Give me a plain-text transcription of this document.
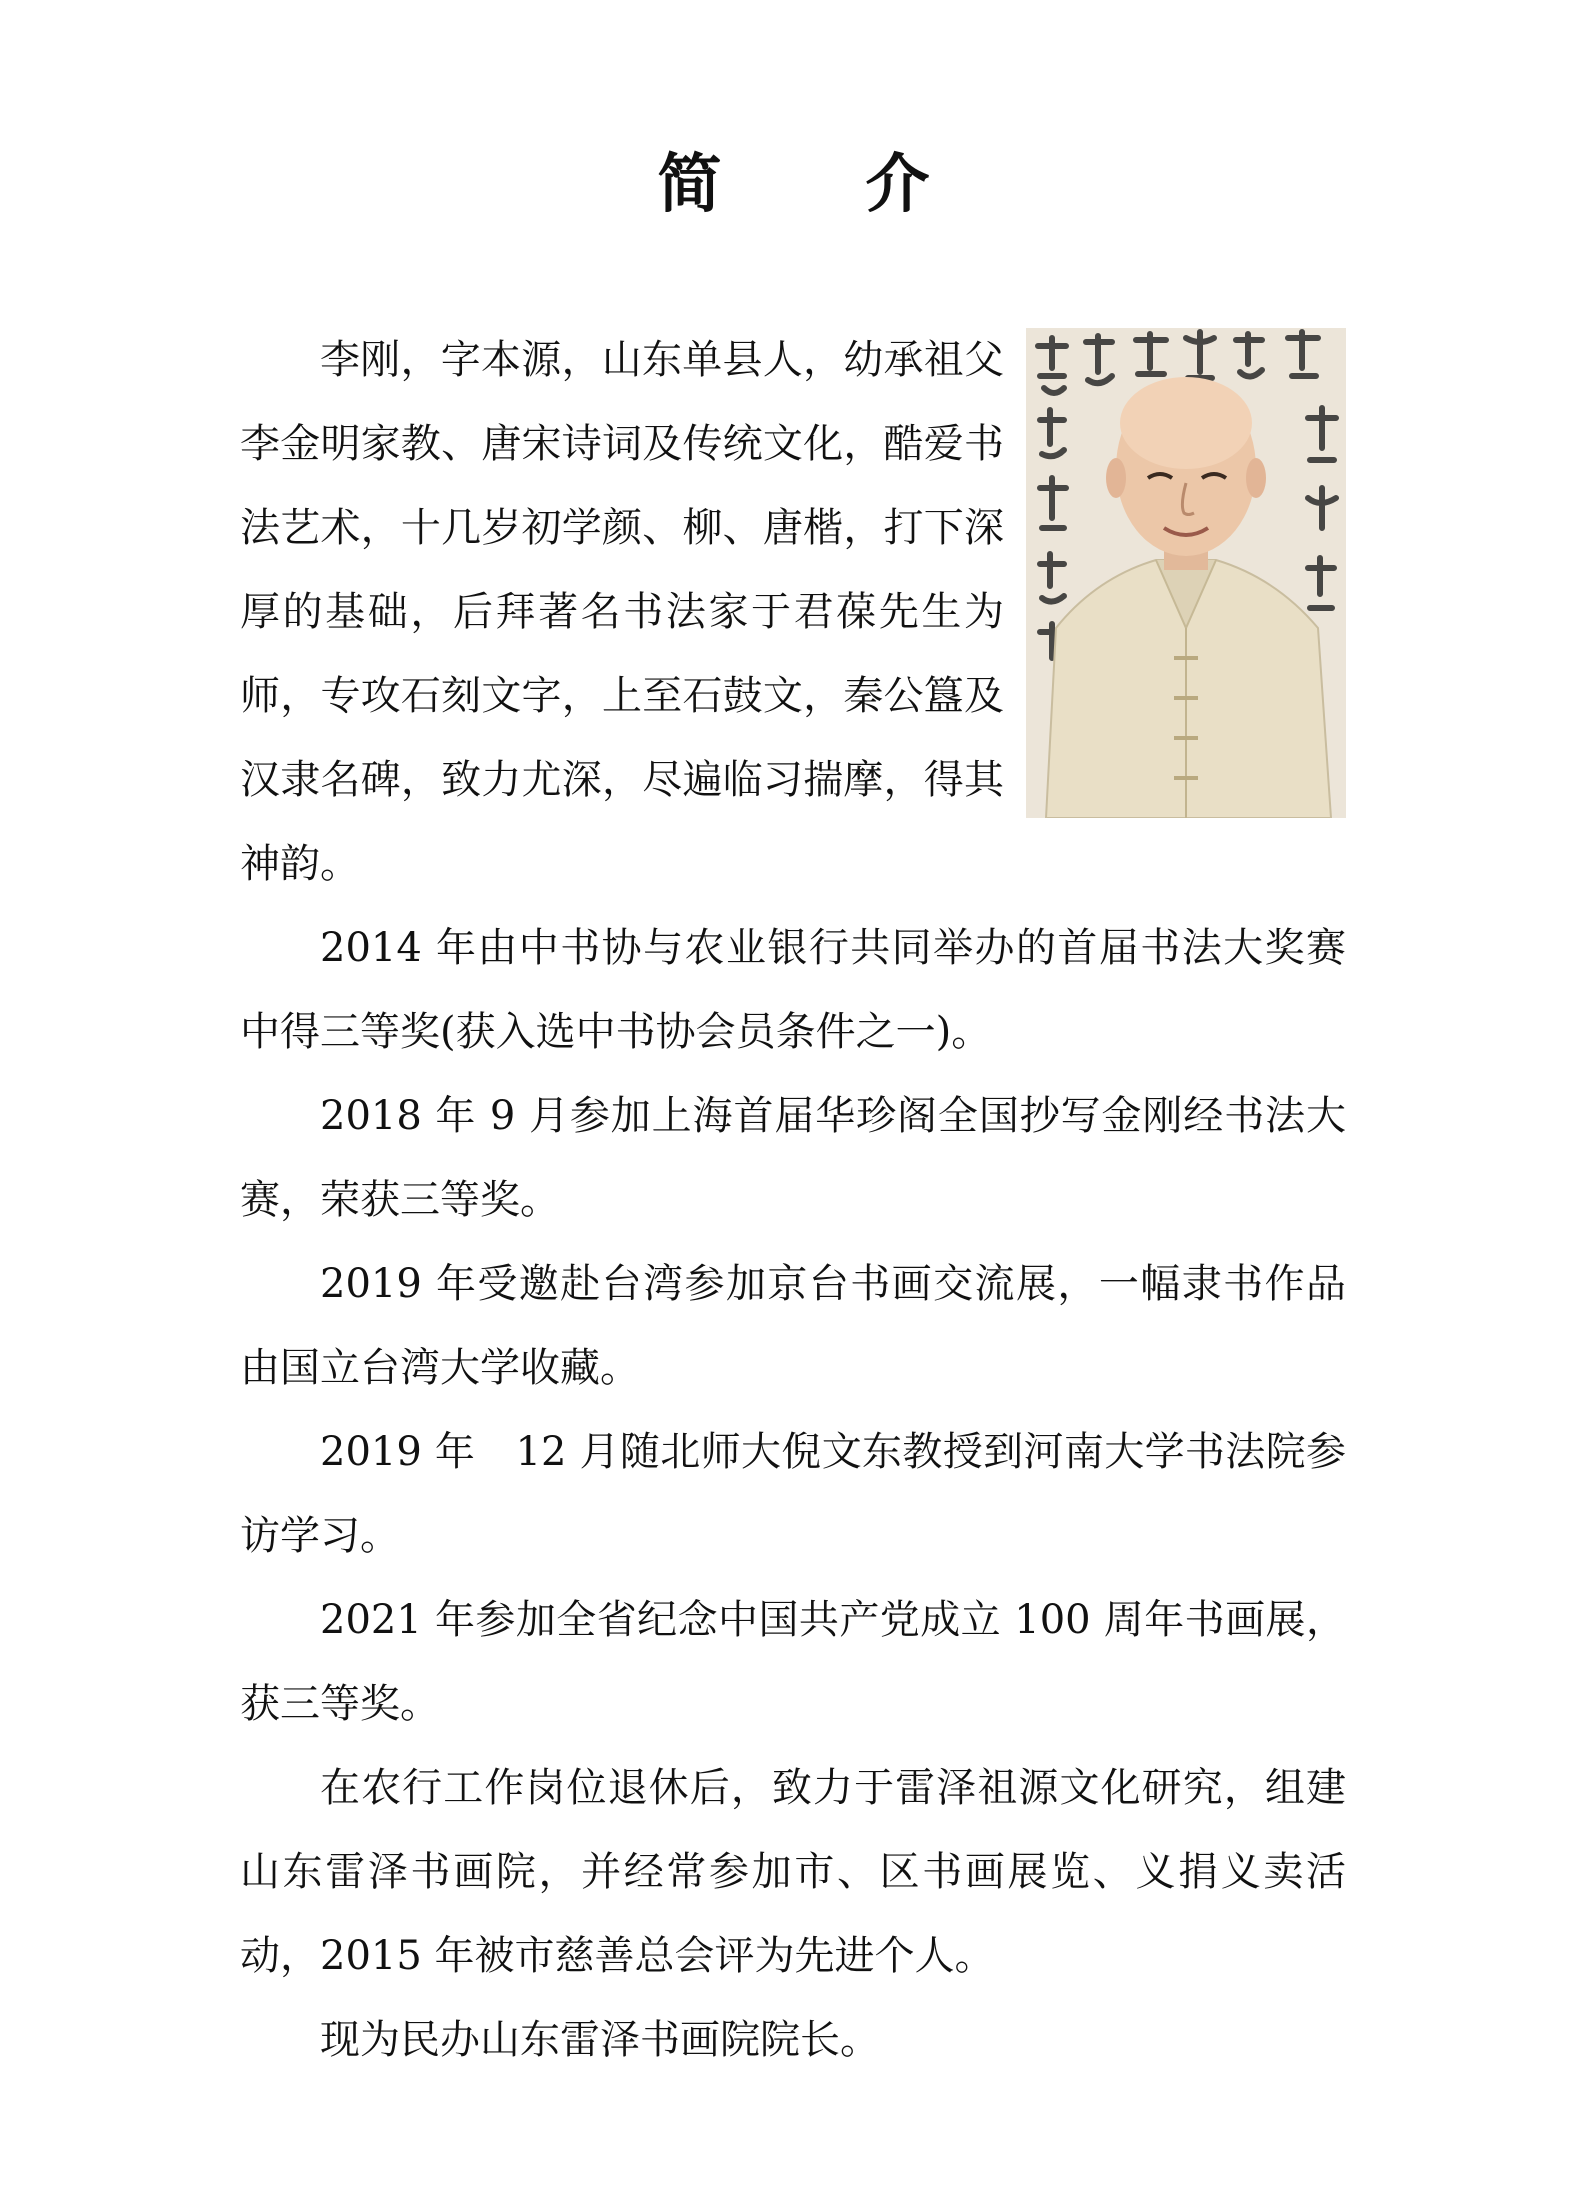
简　介

李刚，字本源，山东单县人，幼承祖父李金明家教、唐宋诗词及传统文化，酷爱书法艺术，十几岁初学颜、柳、唐楷，打下深厚的基础，后拜著名书法家于君葆先生为师，专攻石刻文字，上至石鼓文，秦公簋及汉隶名碑，致力尤深，尽遍临习揣摩，得其神韵。

2014 年由中书协与农业银行共同举办的首届书法大奖赛中得三等奖(获入选中书协会员条件之一)。

2018 年 9 月参加上海首届华珍阁全国抄写金刚经书法大赛，荣获三等奖。

2019 年受邀赴台湾参加京台书画交流展，一幅隶书作品由国立台湾大学收藏。

2019 年　12 月随北师大倪文东教授到河南大学书法院参访学习。

2021 年参加全省纪念中国共产党成立 100 周年书画展，获三等奖。

在农行工作岗位退休后，致力于雷泽祖源文化研究，组建山东雷泽书画院，并经常参加市、区书画展览、义捐义卖活动，2015 年被市慈善总会评为先进个人。

现为民办山东雷泽书画院院长。
